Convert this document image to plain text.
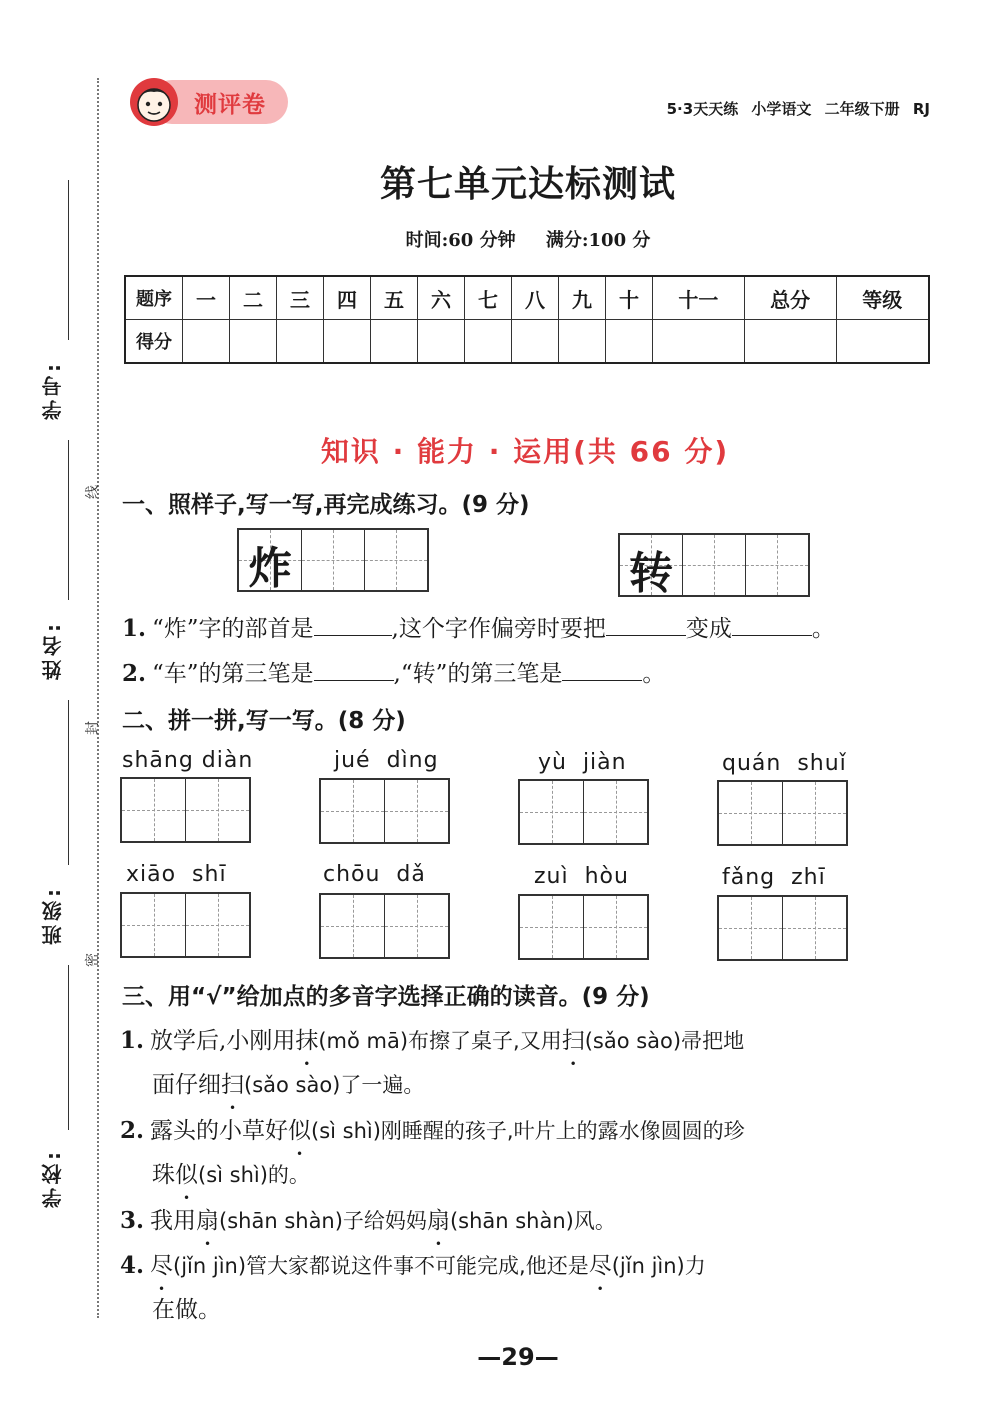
线
封
密
学号:
姓名:
班级:
学校:
测评卷	5·3天天练 小学语文 二年级下册 RJ
第七单元达标测试
时间:60 分钟 满分:100 分
题序	一	二	三	四	五	六	七	八	九	十	十一	总分	等级
得分													
知识 · 能力 · 运用(共 66 分)
一、照样子,写一写,再完成练习。(9 分)
炸	转
1. “炸”字的部首是	,这个字作偏旁时要把	变成	。
2. “车”的第三笔是	,“转”的第三笔是	。
二、拼一拼,写一写。(8 分)
shāng diàn	jué  dìng	yù  jiàn	quán  shuǐ
xiāo  shī	chōu  dǎ	zuì  hòu	fǎng  zhī
三、用“√”给加点的多音字选择正确的读音。(9 分)
1. 放学后,小刚用抹(mǒ mā)布擦了桌子,又用扫(sǎo sào)帚把地
面仔细扫(sǎo sào)了一遍。
2. 露头的小草好似(sì shì)刚睡醒的孩子,叶片上的露水像圆圆的珍
珠似(sì shì)的。
3. 我用扇(shān shàn)子给妈妈扇(shān shàn)风。
4. 尽(jǐn jìn)管大家都说这件事不可能完成,他还是尽(jǐn jìn)力
在做。
—29—
